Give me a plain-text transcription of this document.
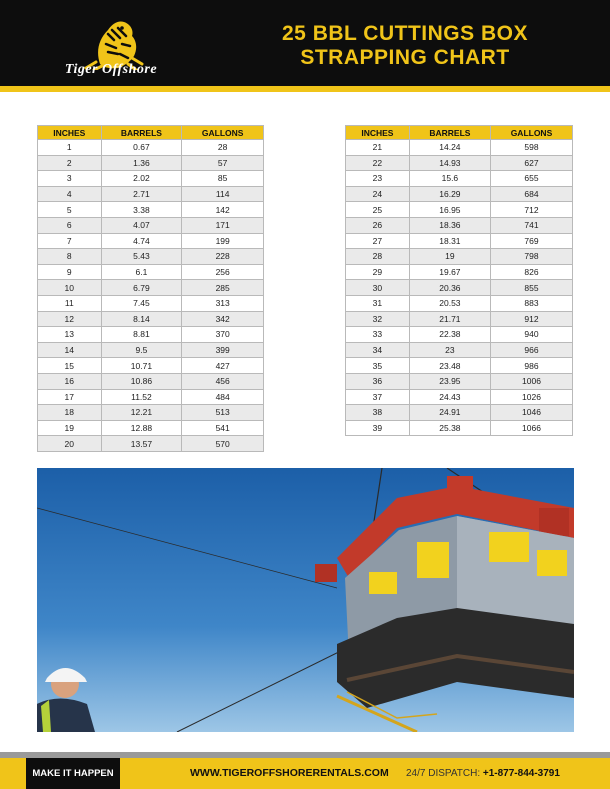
Tiger Offshore
25 BBL CUTTINGS BOX
STRAPPING CHART
INCHES	BARRELS	GALLONS
1	0.67	28
2	1.36	57
3	2.02	85
4	2.71	114
5	3.38	142
6	4.07	171
7	4.74	199
8	5.43	228
9	6.1	256
10	6.79	285
11	7.45	313
12	8.14	342
13	8.81	370
14	9.5	399
15	10.71	427
16	10.86	456
17	11.52	484
18	12.21	513
19	12.88	541
20	13.57	570
INCHES	BARRELS	GALLONS
21	14.24	598
22	14.93	627
23	15.6	655
24	16.29	684
25	16.95	712
26	18.36	741
27	18.31	769
28	19	798
29	19.67	826
30	20.36	855
31	20.53	883
32	21.71	912
33	22.38	940
34	23	966
35	23.48	986
36	23.95	1006
37	24.43	1026
38	24.91	1046
39	25.38	1066
MAKE IT HAPPEN	WWW.TIGEROFFSHORERENTALS.COM 24/7 DISPATCH: +1-877-844-3791
